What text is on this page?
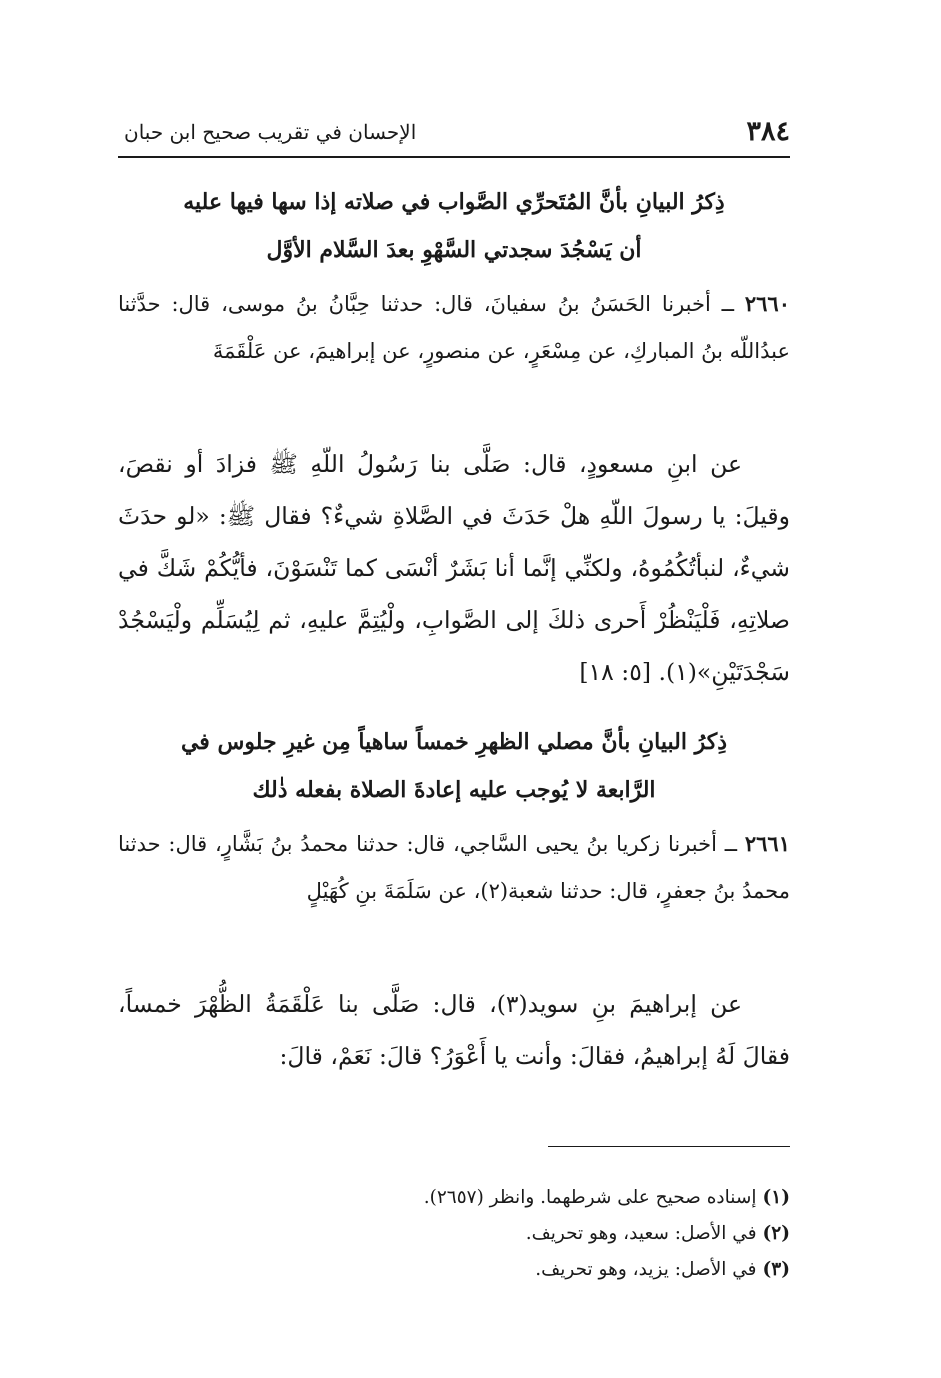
٣٨٤
الإحسان في تقريب صحيح ابن حبان
ذِكرُ البيانِ بأنَّ المُتَحرِّي الصَّواب في صلاته إذا سها فيها عليه
أن يَسْجُدَ سجدتي السَّهْوِ بعدَ السَّلام الأوَّل

٢٦٦٠ ــ أخبرنا الحَسَنُ بنُ سفيانَ، قال: حدثنا حِبَّانُ بنُ موسى، قال: حدَّثنا عبدُاللّه بنُ المباركِ، عن مِسْعَرٍ، عن منصورٍ، عن إبراهيمَ، عن عَلْقَمَةَ

عن ابنِ مسعودٍ، قال: صَلَّى بنا رَسُولُ اللّهِ ﷺ فزادَ أو نقصَ، وقيلَ: يا رسولَ اللّهِ هلْ حَدَثَ في الصَّلاةِ شيءٌ؟ فقال ﷺ: «لو حدَثَ شيءٌ، لنبأتُكُمُوهُ، ولكنِّي إنَّما أنا بَشَرٌ أنْسَى كما تَنْسَوْنَ، فأيُّكُمْ شَكَّ في صلاتِهِ، فَلْيَنْظُرْ أَحرى ذلكَ إلى الصَّوابِ، ولْيُتِمَّ عليهِ، ثم لِيُسَلِّم ولْيَسْجُدْ سَجْدَتَيْنِ»(١). [٥: ١٨]

ذِكرُ البيانِ بأنَّ مصلي الظهرِ خمساً ساهياً مِن غيرِ جلوس في
الرَّابعة لا يُوجب عليه إعادةَ الصلاة بفعله ذٰلك

٢٦٦١ ــ أخبرنا زكريا بنُ يحيى السَّاجي، قال: حدثنا محمدُ بنُ بَشَّارٍ، قال: حدثنا محمدُ بنُ جعفرٍ، قال: حدثنا شعبة(٢)، عن سَلَمَةَ بنِ كُهَيْلٍ

عن إبراهيمَ بنِ سويد(٣)، قال: صَلَّى بنا عَلْقَمَةُ الظُّهْرَ خمساً، فقالَ لَهُ إبراهيمُ، فقالَ: وأنت يا أَعْوَرُ؟ قالَ: نَعَمْ، قالَ:

(١)إسناده صحيح على شرطهما. وانظر (٢٦٥٧).
(٢)في الأصل: سعيد، وهو تحريف.
(٣)في الأصل: يزيد، وهو تحريف.
